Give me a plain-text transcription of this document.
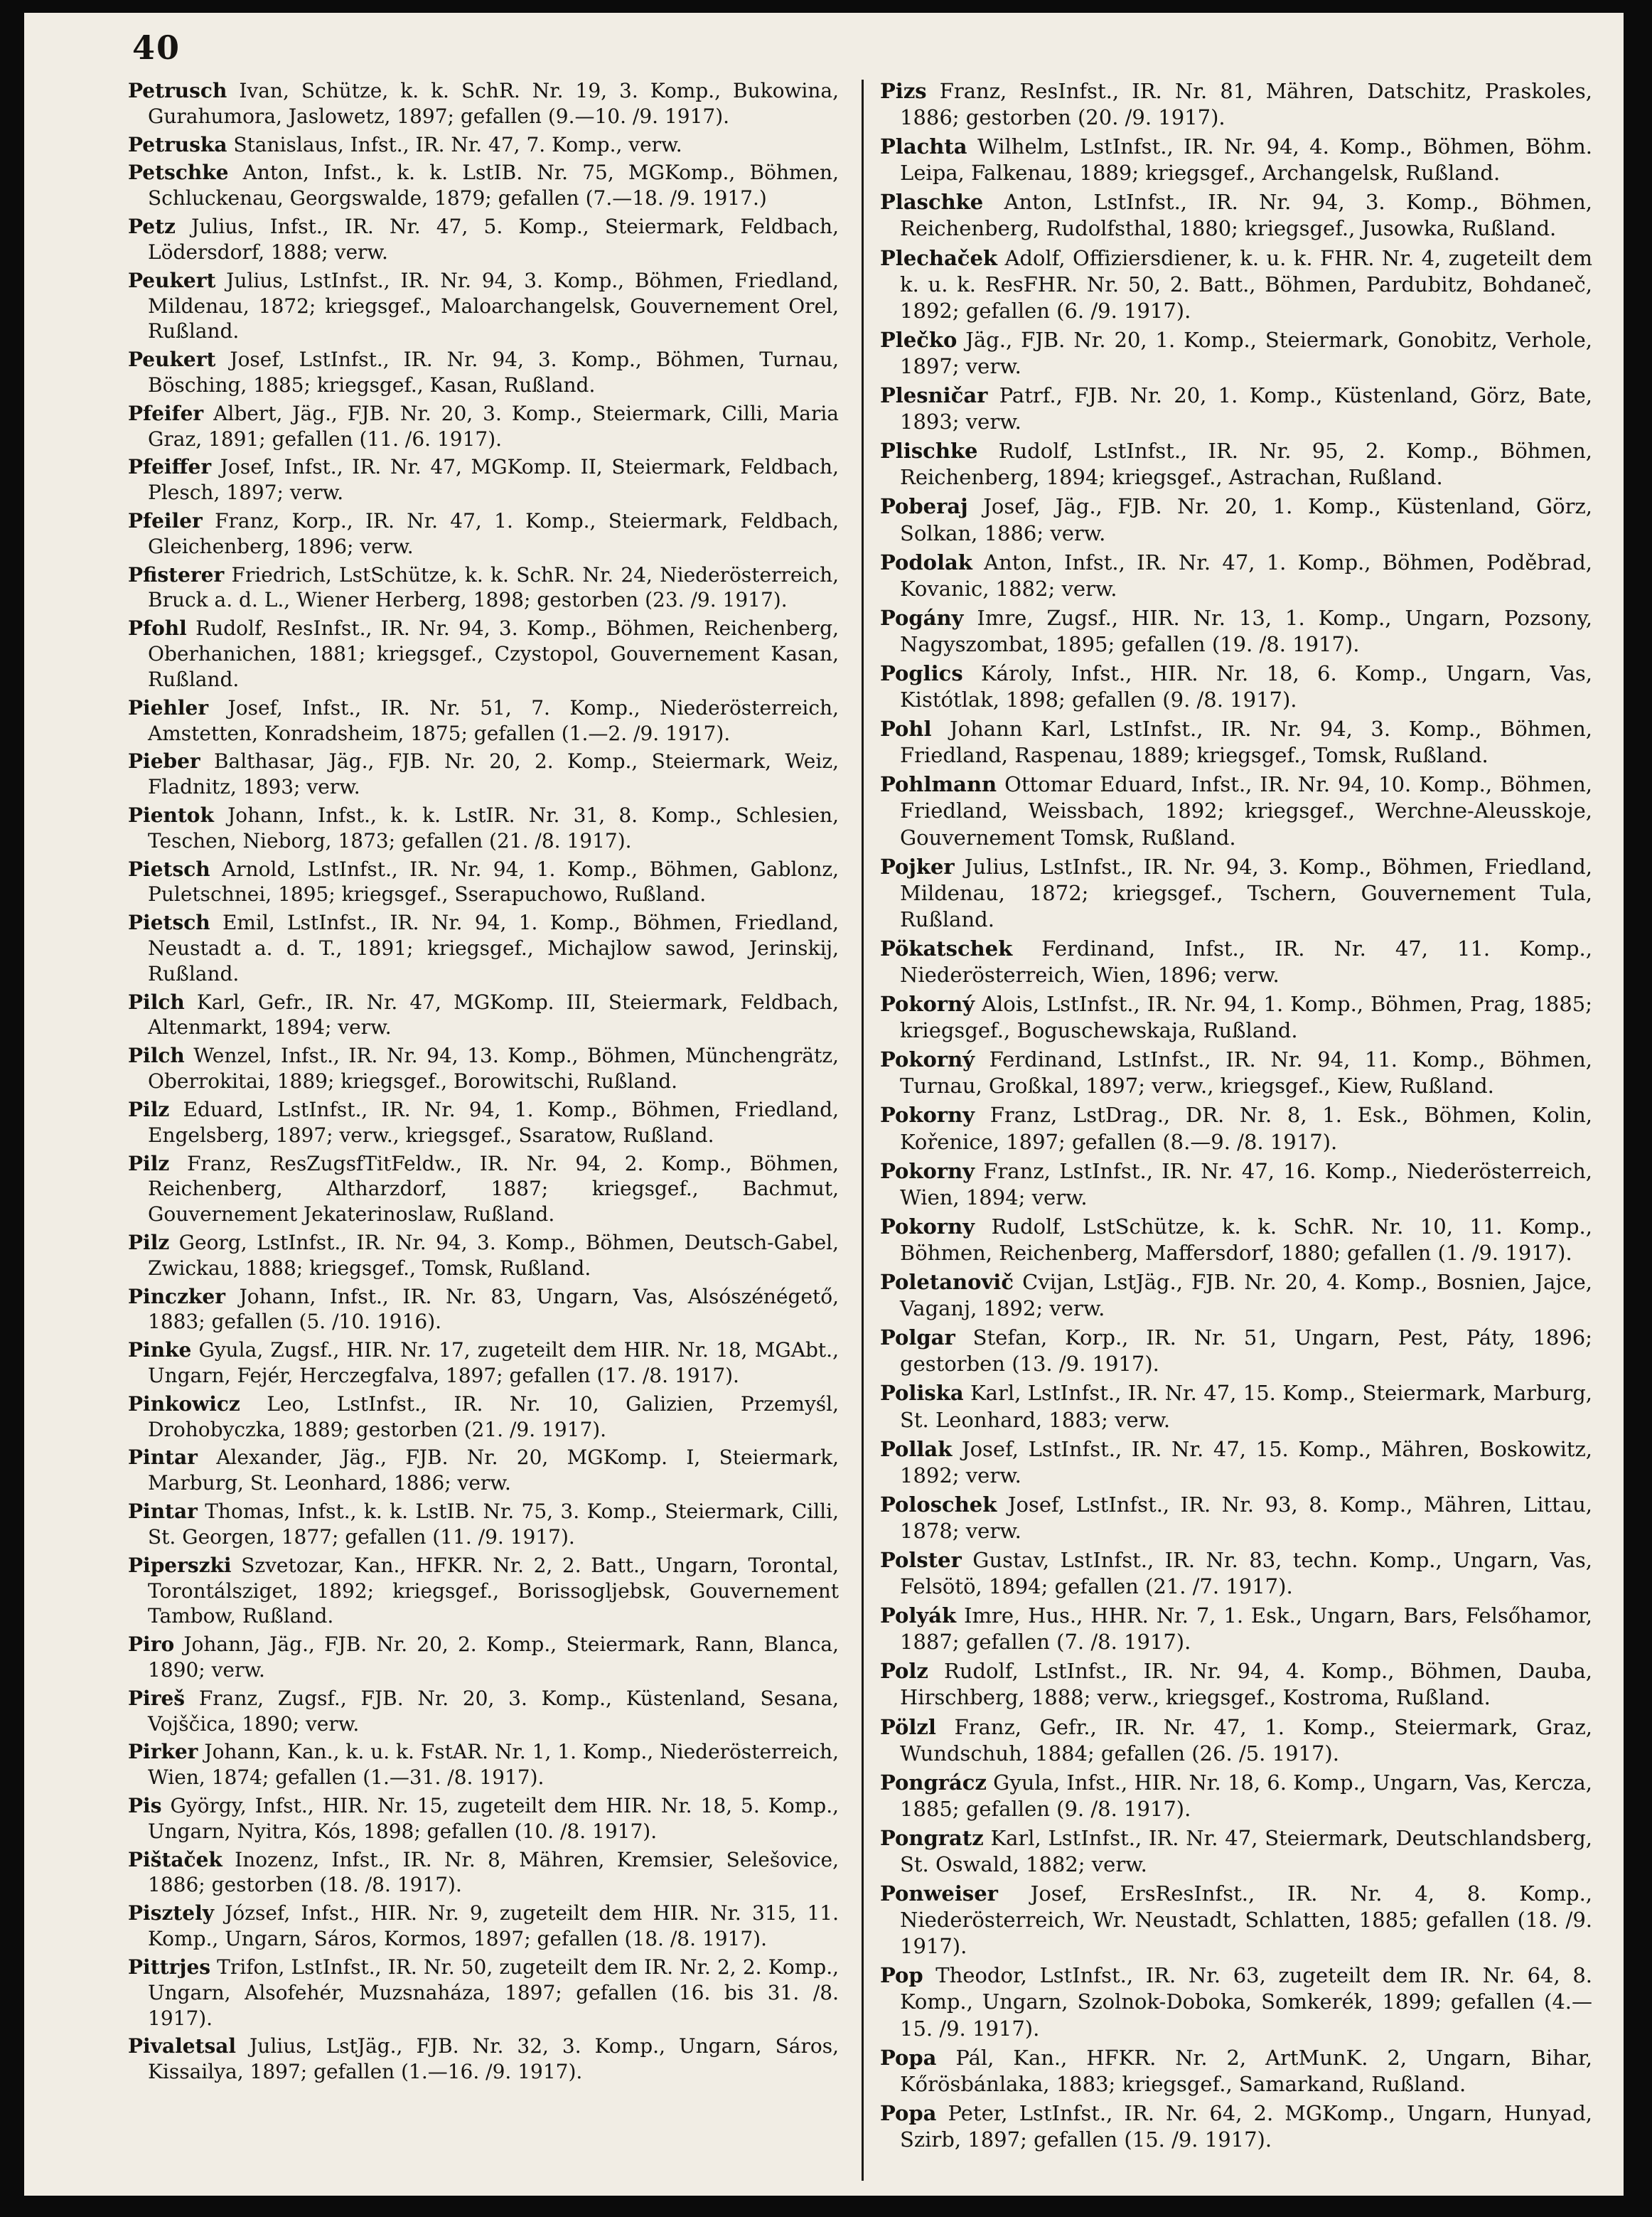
40

Petrusch Ivan, Schütze, k. k. SchR. Nr. 19, 3. Komp., Bukowina, Gurahumora, Jaslowetz, 1897; gefallen (9.—10. /9. 1917).

Petruska Stanislaus, Infst., IR. Nr. 47, 7. Komp., verw.

Petschke Anton, Infst., k. k. LstIB. Nr. 75, MGKomp., Böhmen, Schluckenau, Georgswalde, 1879; gefallen (7.—18. /9. 1917.)

Petz Julius, Infst., IR. Nr. 47, 5. Komp., Steiermark, Feldbach, Lödersdorf, 1888; verw.

Peukert Julius, LstInfst., IR. Nr. 94, 3. Komp., Böhmen, Friedland, Mildenau, 1872; kriegsgef., Maloarchangelsk, Gouvernement Orel, Rußland.

Peukert Josef, LstInfst., IR. Nr. 94, 3. Komp., Böhmen, Turnau, Bösching, 1885; kriegsgef., Kasan, Rußland.

Pfeifer Albert, Jäg., FJB. Nr. 20, 3. Komp., Steiermark, Cilli, Maria Graz, 1891; gefallen (11. /6. 1917).

Pfeiffer Josef, Infst., IR. Nr. 47, MGKomp. II, Steiermark, Feldbach, Plesch, 1897; verw.

Pfeiler Franz, Korp., IR. Nr. 47, 1. Komp., Steiermark, Feldbach, Gleichenberg, 1896; verw.

Pfisterer Friedrich, LstSchütze, k. k. SchR. Nr. 24, Niederösterreich, Bruck a. d. L., Wiener Herberg, 1898; gestorben (23. /9. 1917).

Pfohl Rudolf, ResInfst., IR. Nr. 94, 3. Komp., Böhmen, Reichenberg, Oberhanichen, 1881; kriegsgef., Czystopol, Gouvernement Kasan, Rußland.

Piehler Josef, Infst., IR. Nr. 51, 7. Komp., Niederösterreich, Amstetten, Konradsheim, 1875; gefallen (1.—2. /9. 1917).

Pieber Balthasar, Jäg., FJB. Nr. 20, 2. Komp., Steiermark, Weiz, Fladnitz, 1893; verw.

Pientok Johann, Infst., k. k. LstIR. Nr. 31, 8. Komp., Schlesien, Teschen, Nieborg, 1873; gefallen (21. /8. 1917).

Pietsch Arnold, LstInfst., IR. Nr. 94, 1. Komp., Böhmen, Gablonz, Puletschnei, 1895; kriegsgef., Sserapuchowo, Rußland.

Pietsch Emil, LstInfst., IR. Nr. 94, 1. Komp., Böhmen, Friedland, Neustadt a. d. T., 1891; kriegsgef., Michajlow sawod, Jerinskij, Rußland.

Pilch Karl, Gefr., IR. Nr. 47, MGKomp. III, Steiermark, Feldbach, Altenmarkt, 1894; verw.

Pilch Wenzel, Infst., IR. Nr. 94, 13. Komp., Böhmen, Münchengrätz, Oberrokitai, 1889; kriegsgef., Borowitschi, Rußland.

Pilz Eduard, LstInfst., IR. Nr. 94, 1. Komp., Böhmen, Friedland, Engelsberg, 1897; verw., kriegsgef., Ssaratow, Rußland.

Pilz Franz, ResZugsfTitFeldw., IR. Nr. 94, 2. Komp., Böhmen, Reichenberg, Altharzdorf, 1887; kriegsgef., Bachmut, Gouvernement Jekaterinoslaw, Rußland.

Pilz Georg, LstInfst., IR. Nr. 94, 3. Komp., Böhmen, Deutsch-Gabel, Zwickau, 1888; kriegsgef., Tomsk, Rußland.

Pinczker Johann, Infst., IR. Nr. 83, Ungarn, Vas, Alsószénégető, 1883; gefallen (5. /10. 1916).

Pinke Gyula, Zugsf., HIR. Nr. 17, zugeteilt dem HIR. Nr. 18, MGAbt., Ungarn, Fejér, Herczegfalva, 1897; gefallen (17. /8. 1917).

Pinkowicz Leo, LstInfst., IR. Nr. 10, Galizien, Przemyśl, Drohobyczka, 1889; gestorben (21. /9. 1917).

Pintar Alexander, Jäg., FJB. Nr. 20, MGKomp. I, Steiermark, Marburg, St. Leonhard, 1886; verw.

Pintar Thomas, Infst., k. k. LstIB. Nr. 75, 3. Komp., Steiermark, Cilli, St. Georgen, 1877; gefallen (11. /9. 1917).

Piperszki Szvetozar, Kan., HFKR. Nr. 2, 2. Batt., Ungarn, Torontal, Torontálsziget, 1892; kriegsgef., Borissogljebsk, Gouvernement Tambow, Rußland.

Piro Johann, Jäg., FJB. Nr. 20, 2. Komp., Steiermark, Rann, Blanca, 1890; verw.

Pireš Franz, Zugsf., FJB. Nr. 20, 3. Komp., Küstenland, Sesana, Vojščica, 1890; verw.

Pirker Johann, Kan., k. u. k. FstAR. Nr. 1, 1. Komp., Niederösterreich, Wien, 1874; gefallen (1.—31. /8. 1917).

Pis György, Infst., HIR. Nr. 15, zugeteilt dem HIR. Nr. 18, 5. Komp., Ungarn, Nyitra, Kós, 1898; gefallen (10. /8. 1917).

Pištaček Inozenz, Infst., IR. Nr. 8, Mähren, Kremsier, Selešovice, 1886; gestorben (18. /8. 1917).

Pisztely József, Infst., HIR. Nr. 9, zugeteilt dem HIR. Nr. 315, 11. Komp., Ungarn, Sáros, Kormos, 1897; gefallen (18. /8. 1917).

Pittrjes Trifon, LstInfst., IR. Nr. 50, zugeteilt dem IR. Nr. 2, 2. Komp., Ungarn, Alsofehér, Muzsnaháza, 1897; gefallen (16. bis 31. /8. 1917).

Pivaletsal Julius, LstJäg., FJB. Nr. 32, 3. Komp., Ungarn, Sáros, Kissailya, 1897; gefallen (1.—16. /9. 1917).

Pizs Franz, ResInfst., IR. Nr. 81, Mähren, Datschitz, Praskoles, 1886; gestorben (20. /9. 1917).

Plachta Wilhelm, LstInfst., IR. Nr. 94, 4. Komp., Böhmen, Böhm. Leipa, Falkenau, 1889; kriegsgef., Archangelsk, Rußland.

Plaschke Anton, LstInfst., IR. Nr. 94, 3. Komp., Böhmen, Reichenberg, Rudolfsthal, 1880; kriegsgef., Jusowka, Rußland.

Plechaček Adolf, Offiziersdiener, k. u. k. FHR. Nr. 4, zugeteilt dem k. u. k. ResFHR. Nr. 50, 2. Batt., Böhmen, Pardubitz, Bohdaneč, 1892; gefallen (6. /9. 1917).

Plečko Jäg., FJB. Nr. 20, 1. Komp., Steiermark, Gonobitz, Verhole, 1897; verw.

Plesničar Patrf., FJB. Nr. 20, 1. Komp., Küstenland, Görz, Bate, 1893; verw.

Plischke Rudolf, LstInfst., IR. Nr. 95, 2. Komp., Böhmen, Reichenberg, 1894; kriegsgef., Astrachan, Rußland.

Poberaj Josef, Jäg., FJB. Nr. 20, 1. Komp., Küstenland, Görz, Solkan, 1886; verw.

Podolak Anton, Infst., IR. Nr. 47, 1. Komp., Böhmen, Poděbrad, Kovanic, 1882; verw.

Pogány Imre, Zugsf., HIR. Nr. 13, 1. Komp., Ungarn, Pozsony, Nagyszombat, 1895; gefallen (19. /8. 1917).

Poglics Károly, Infst., HIR. Nr. 18, 6. Komp., Ungarn, Vas, Kistótlak, 1898; gefallen (9. /8. 1917).

Pohl Johann Karl, LstInfst., IR. Nr. 94, 3. Komp., Böhmen, Friedland, Raspenau, 1889; kriegsgef., Tomsk, Rußland.

Pohlmann Ottomar Eduard, Infst., IR. Nr. 94, 10. Komp., Böhmen, Friedland, Weissbach, 1892; kriegsgef., Werchne-Aleusskoje, Gouvernement Tomsk, Rußland.

Pojker Julius, LstInfst., IR. Nr. 94, 3. Komp., Böhmen, Friedland, Mildenau, 1872; kriegsgef., Tschern, Gouvernement Tula, Rußland.

Pökatschek Ferdinand, Infst., IR. Nr. 47, 11. Komp., Niederösterreich, Wien, 1896; verw.

Pokorný Alois, LstInfst., IR. Nr. 94, 1. Komp., Böhmen, Prag, 1885; kriegsgef., Boguschewskaja, Rußland.

Pokorný Ferdinand, LstInfst., IR. Nr. 94, 11. Komp., Böhmen, Turnau, Großkal, 1897; verw., kriegsgef., Kiew, Rußland.

Pokorny Franz, LstDrag., DR. Nr. 8, 1. Esk., Böhmen, Kolin, Kořenice, 1897; gefallen (8.—9. /8. 1917).

Pokorny Franz, LstInfst., IR. Nr. 47, 16. Komp., Niederösterreich, Wien, 1894; verw.

Pokorny Rudolf, LstSchütze, k. k. SchR. Nr. 10, 11. Komp., Böhmen, Reichenberg, Maffersdorf, 1880; gefallen (1. /9. 1917).

Poletanovič Cvijan, LstJäg., FJB. Nr. 20, 4. Komp., Bosnien, Jajce, Vaganj, 1892; verw.

Polgar Stefan, Korp., IR. Nr. 51, Ungarn, Pest, Páty, 1896; gestorben (13. /9. 1917).

Poliska Karl, LstInfst., IR. Nr. 47, 15. Komp., Steiermark, Marburg, St. Leonhard, 1883; verw.

Pollak Josef, LstInfst., IR. Nr. 47, 15. Komp., Mähren, Boskowitz, 1892; verw.

Poloschek Josef, LstInfst., IR. Nr. 93, 8. Komp., Mähren, Littau, 1878; verw.

Polster Gustav, LstInfst., IR. Nr. 83, techn. Komp., Ungarn, Vas, Felsötö, 1894; gefallen (21. /7. 1917).

Polyák Imre, Hus., HHR. Nr. 7, 1. Esk., Ungarn, Bars, Felsőhamor, 1887; gefallen (7. /8. 1917).

Polz Rudolf, LstInfst., IR. Nr. 94, 4. Komp., Böhmen, Dauba, Hirschberg, 1888; verw., kriegsgef., Kostroma, Rußland.

Pölzl Franz, Gefr., IR. Nr. 47, 1. Komp., Steiermark, Graz, Wundschuh, 1884; gefallen (26. /5. 1917).

Pongrácz Gyula, Infst., HIR. Nr. 18, 6. Komp., Ungarn, Vas, Kercza, 1885; gefallen (9. /8. 1917).

Pongratz Karl, LstInfst., IR. Nr. 47, Steiermark, Deutschlandsberg, St. Oswald, 1882; verw.

Ponweiser Josef, ErsResInfst., IR. Nr. 4, 8. Komp., Niederösterreich, Wr. Neustadt, Schlatten, 1885; gefallen (18. /9. 1917).

Pop Theodor, LstInfst., IR. Nr. 63, zugeteilt dem IR. Nr. 64, 8. Komp., Ungarn, Szolnok-Doboka, Somkerék, 1899; gefallen (4.—15. /9. 1917).

Popa Pál, Kan., HFKR. Nr. 2, ArtMunK. 2, Ungarn, Bihar, Kőrösbánlaka, 1883; kriegsgef., Samarkand, Rußland.

Popa Peter, LstInfst., IR. Nr. 64, 2. MGKomp., Ungarn, Hunyad, Szirb, 1897; gefallen (15. /9. 1917).
